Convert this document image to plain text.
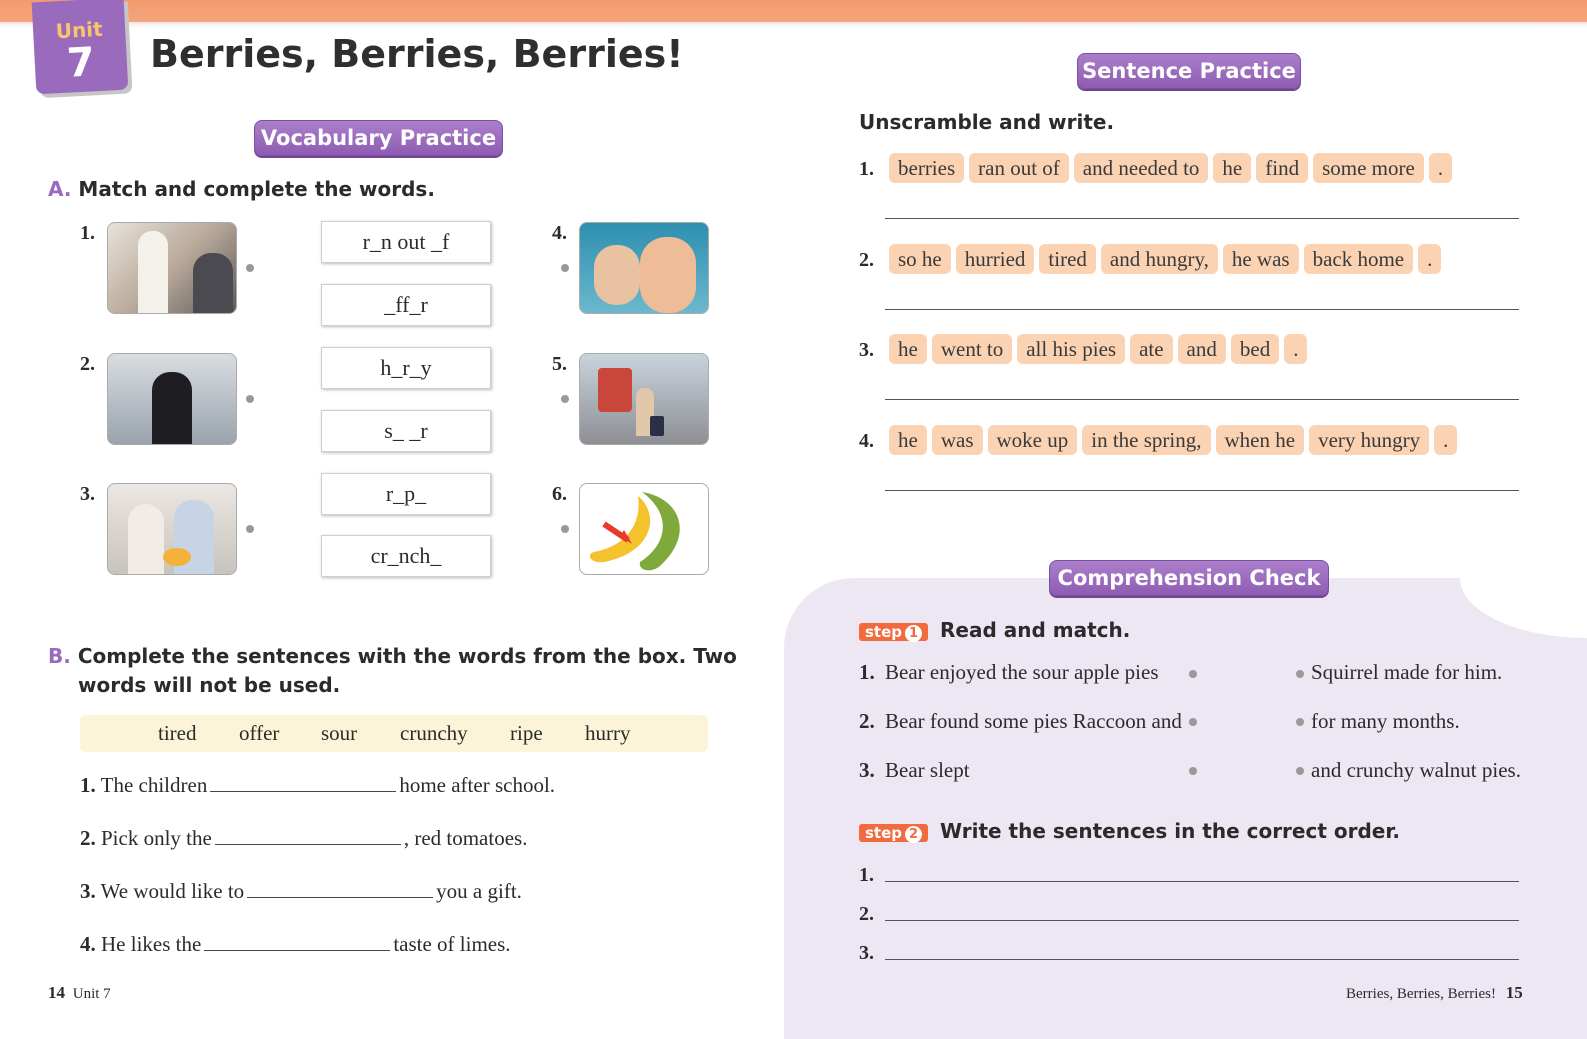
Unit
7	Berries, Berries, Berries!
Vocabulary Practice
A. Match and complete the words.
1.
2.
3.
r_n out _f
_ff_r
h_r_y
s_ _r
r_p_
cr_nch_
4.
5.
6.
B. Complete the sentences with the words from the box. Two
words will not be used.
tired offer sour crunchy ripe hurry
1. The children	home after school.
2. Pick only the	, red tomatoes.
3. We would like to	you a gift.
4. He likes the	taste of limes.
14 Unit 7
Sentence Practice
Unscramble and write.
1. berries ran out of and needed to he find some more .
2. so he hurried tired and hungry, he was back home .
3. he went to all his pies ate and bed .
4. he was woke up in the spring, when he very hungry .
Comprehension Check
step 1 Read and match.
1. Bear enjoyed the sour apple pies
2. Bear found some pies Raccoon and
3. Bear slept
Squirrel made for him.
for many months.
and crunchy walnut pies.
step 2 Write the sentences in the correct order.
1.
2.
3.
Berries, Berries, Berries! 15
